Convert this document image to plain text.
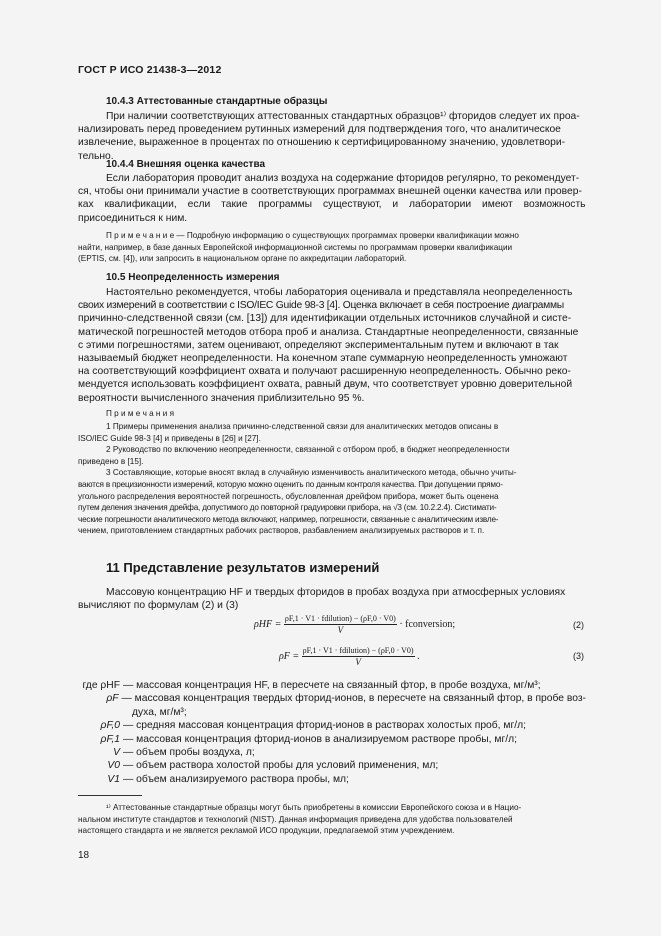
ГОСТ Р ИСО 21438-3—2012
10.4.3 Аттестованные стандартные образцы
При наличии соответствующих аттестованных стандартных образцов¹⁾ фторидов следует их проа-
нализировать перед проведением рутинных измерений для подтверждения того, что аналитическое
извлечение, выраженное в процентах по отношению к сертифицированному значению, удовлетвори-
тельно.
10.4.4 Внешняя оценка качества
Если лаборатория проводит анализ воздуха на содержание фторидов регулярно, то рекомендует-
ся, чтобы они принимали участие в соответствующих программах внешней оценки качества или провер-
ках квалификации, если такие программы существуют, и лаборатории имеют возможность
присоединиться к ним.
П р и м е ч а н и е — Подробную информацию о существующих программах проверки квалификации можно
найти, например, в базе данных Европейской информационной системы по программам проверки квалификации
(EPTIS, см. [4]), или запросить в национальном органе по аккредитации лабораторий.
10.5 Неопределенность измерения
Настоятельно рекомендуется, чтобы лаборатория оценивала и представляла неопределенность
своих измерений в соответствии с ISO/IEC Guide 98-3 [4]. Оценка включает в себя построение диаграммы
причинно-следственной связи (см. [13]) для идентификации отдельных источников случайной и систе-
матической погрешностей методов отбора проб и анализа. Стандартные неопределенности, связанные
с этими погрешностями, затем оценивают, определяют экспериментальным путем и включают в так
называемый бюджет неопределенности. На конечном этапе суммарную неопределенность умножают
на соответствующий коэффициент охвата и получают расширенную неопределенность. Обычно реко-
мендуется использовать коэффициент охвата, равный двум, что соответствует уровню доверительной
вероятности вычисленного значения приблизительно 95 %.
П р и м е ч а н и я
1 Примеры применения анализа причинно-следственной связи для аналитических методов описаны в
ISO/IEC Guide 98-3 [4] и приведены в [26] и [27].
2 Руководство по включению неопределенности, связанной с отбором проб, в бюджет неопределенности
приведено в [15].
3 Составляющие, которые вносят вклад в случайную изменчивость аналитического метода, обычно учиты-
ваются в прецизионности измерений, которую можно оценить по данным контроля качества. При допущении прямо-
угольного распределения вероятностей погрешность, обусловленная дрейфом прибора, может быть оценена
путем деления значения дрейфа, допустимого до повторной градуировки прибора, на √3 (см. 10.2.2.4). Систимати-
ческие погрешности аналитического метода включают, например, погрешности, связанные с аналитическим извле-
чением, приготовлением стандартных рабочих растворов, разбавлением анализируемых растворов и т. п.
11 Представление результатов измерений
Массовую концентрацию HF и твердых фторидов в пробах воздуха при атмосферных условиях
вычисляют по формулам (2) и (3)
$\rho HF = \frac{\text{ρF,1 · V1 · fdilution) − (ρF,0 · V0)}}{V}$ · fconversion;	(2)
$\rho F = \frac{\text{ρF,1 · V1 · fdilution) − (ρF,0 · V0)}}{V}$ .	(3)
где ρHF — массовая концентрация HF, в пересчете на связанный фтор, в пробе воздуха, мг/м³;
ρF — массовая концентрация твердых фторид-ионов, в пересчете на связанный фтор, в пробе воз-
духа, мг/м³;
ρF,0 — средняя массовая концентрация фторид-ионов в растворах холостых проб, мг/л;
ρF,1 — массовая концентрация фторид-ионов в анализируемом растворе пробы, мг/л;
V — объем пробы воздуха, л;
V0 — объем раствора холостой пробы для условий применения, мл;
V1 — объем анализируемого раствора пробы, мл;
¹⁾ Аттестованные стандартные образцы могут быть приобретены в комиссии Европейского союза и в Нацио-
нальном институте стандартов и технологий (NIST). Данная информация приведена для удобства пользователей
настоящего стандарта и не является рекламой ИСО продукции, предлагаемой этим учреждением.
18
